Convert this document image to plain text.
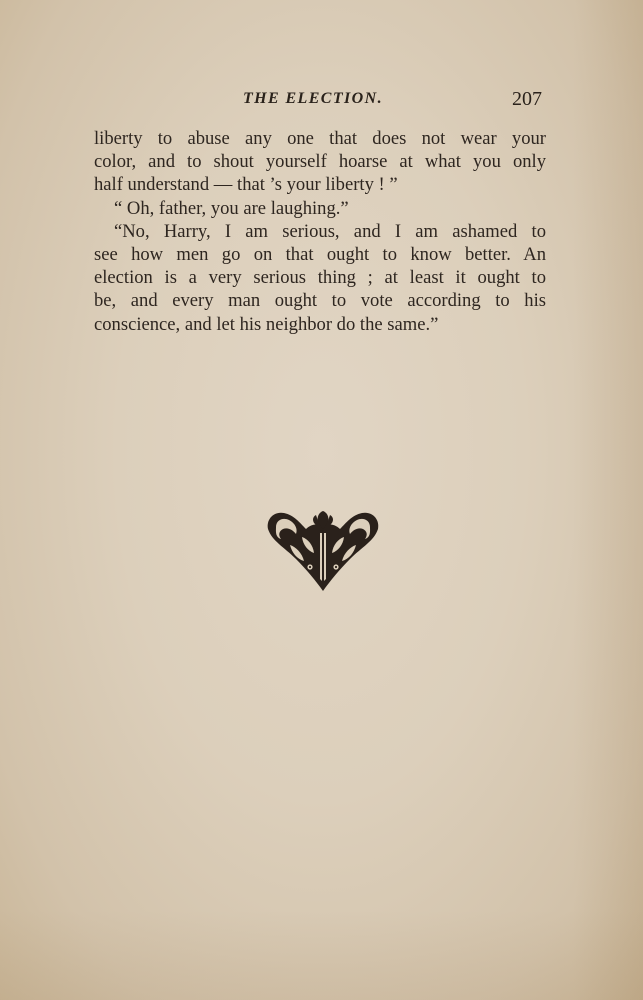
THE ELECTION.	207
liberty to abuse any one that does not wear your
color, and to shout yourself hoarse at what you only
half understand — that ’s your liberty ! ”
“ Oh, father, you are laughing.”
“No, Harry, I am serious, and I am ashamed to
see how men go on that ought to know better. An
election is a very serious thing ; at least it ought to
be, and every man ought to vote according to his
conscience, and let his neighbor do the same.”
